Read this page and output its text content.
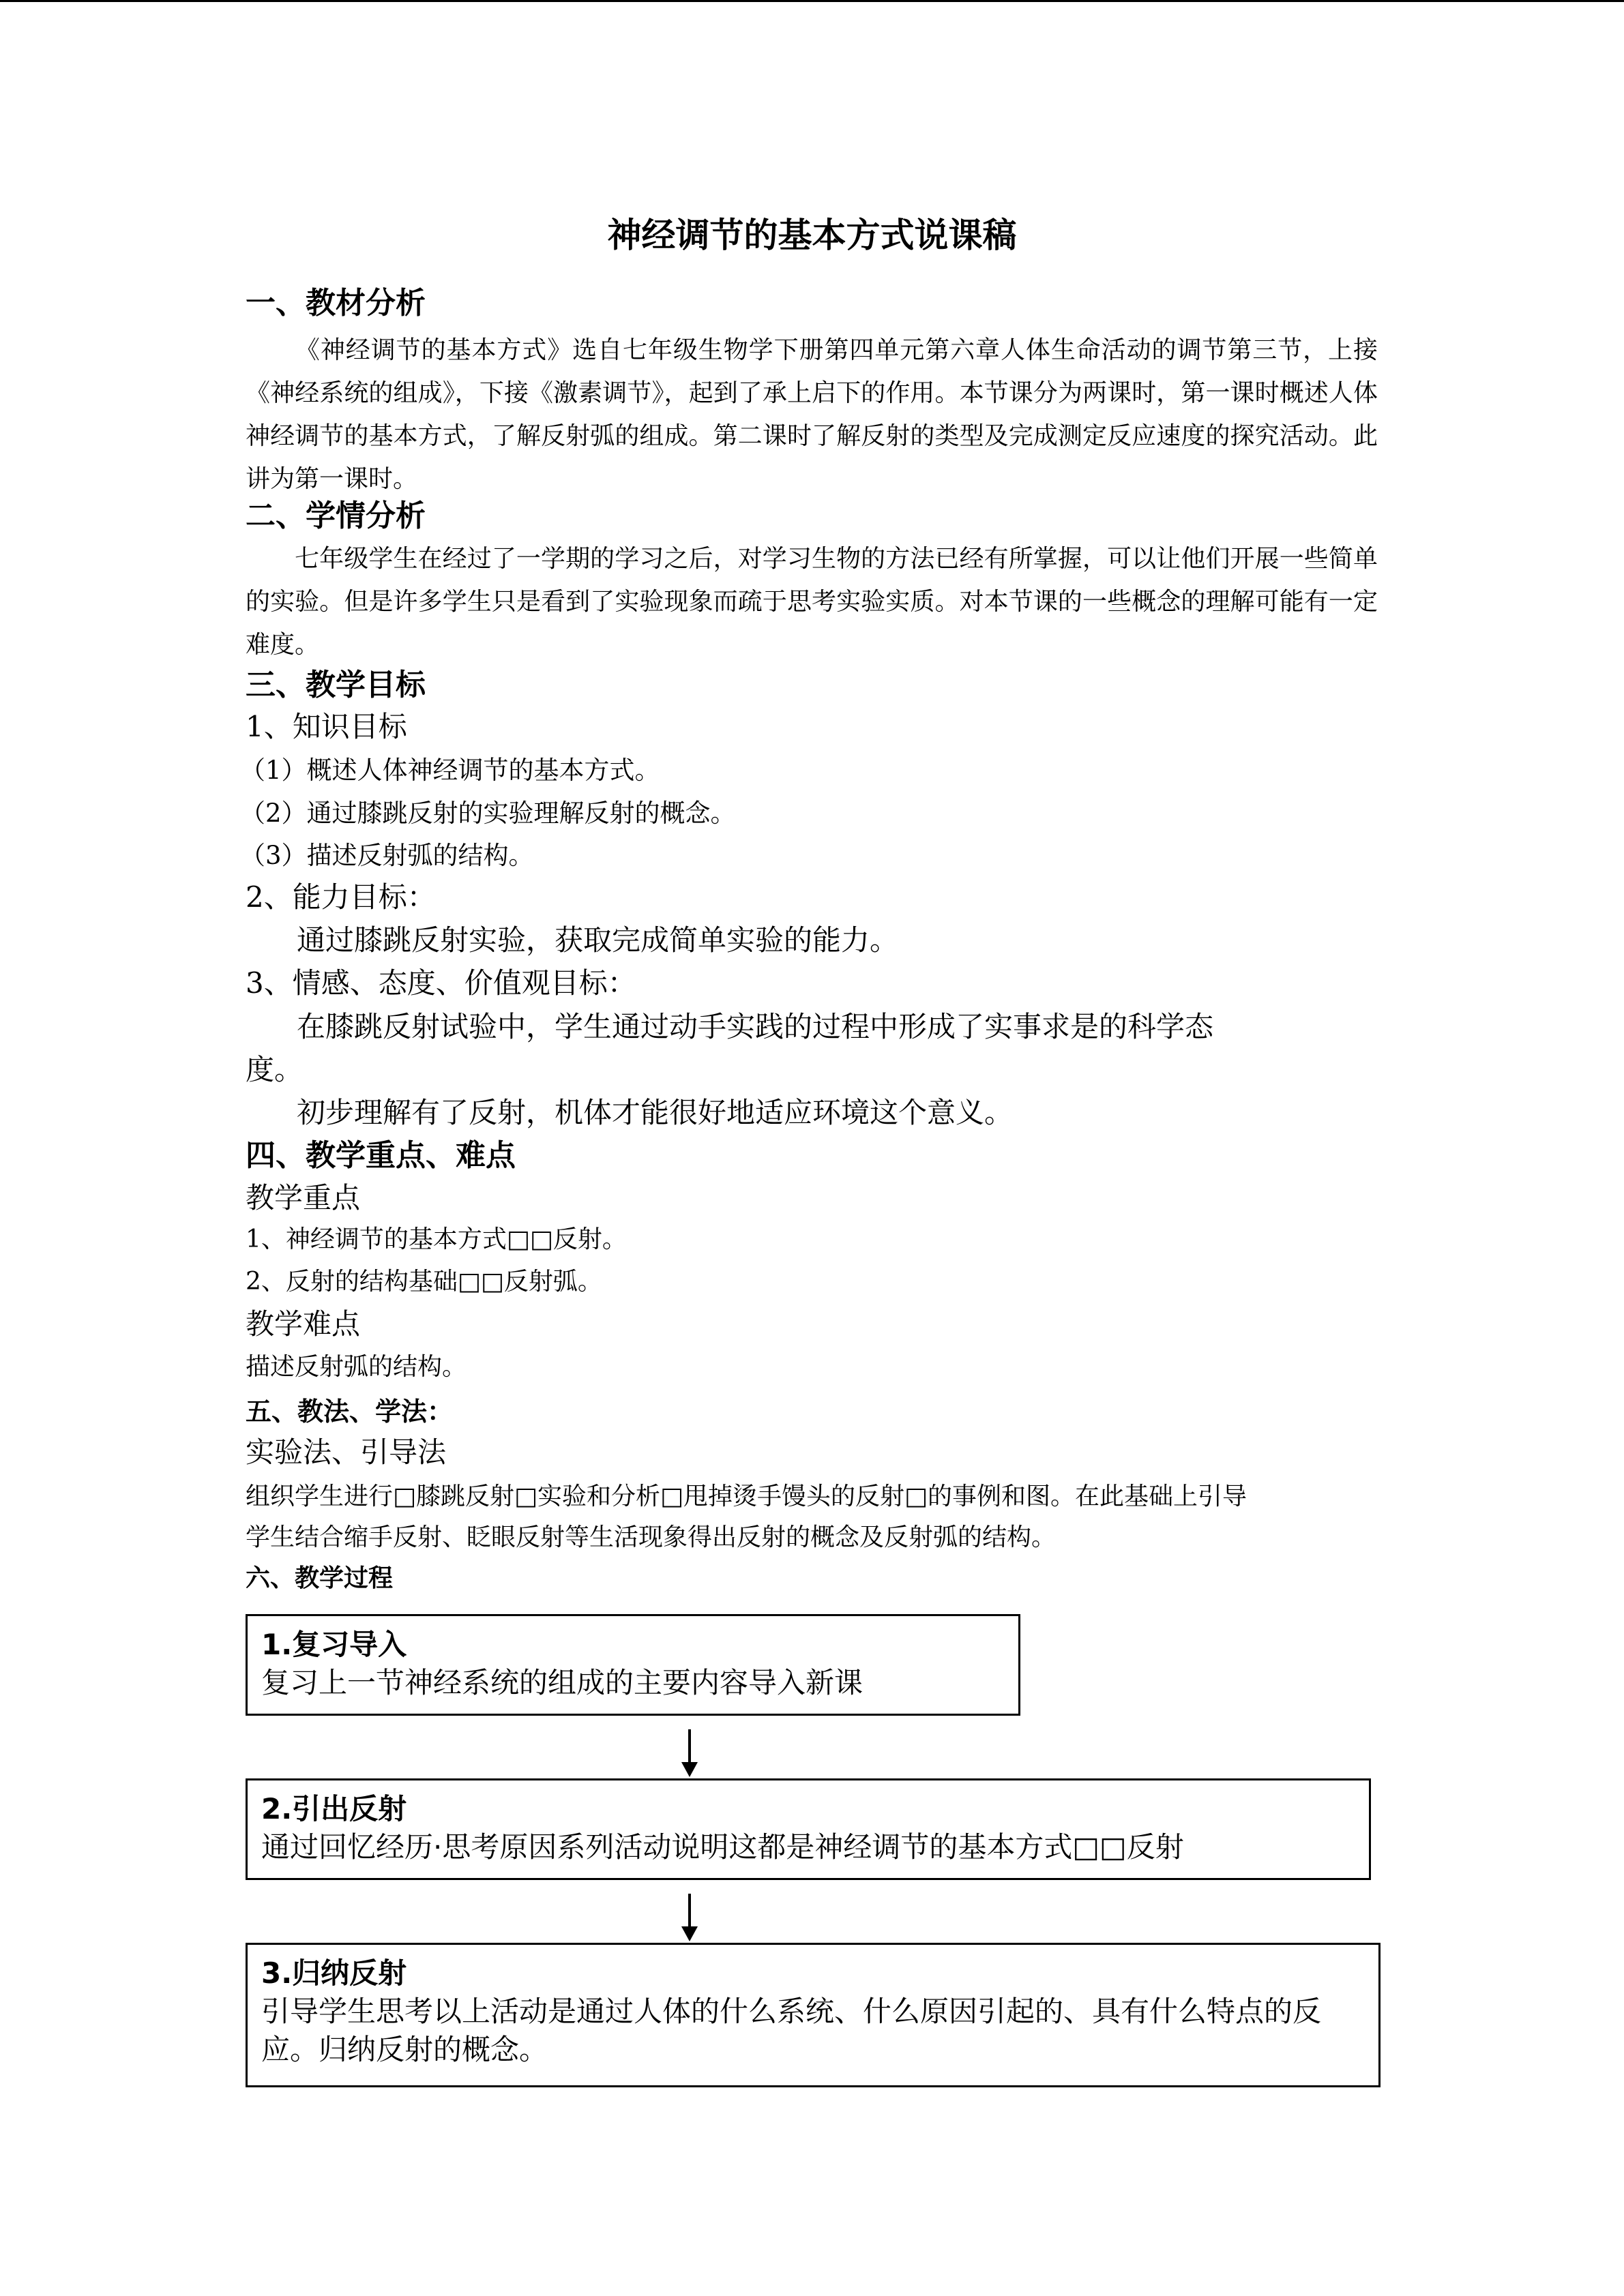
神经调节的基本方式说课稿
一、教材分析
《神经调节的基本方式》选自七年级生物学下册第四单元第六章人体生命活动的调节第三节，上接《神经系统的组成》，下接《激素调节》，起到了承上启下的作用。本节课分为两课时，第一课时概述人体神经调节的基本方式，了解反射弧的组成。第二课时了解反射的类型及完成测定反应速度的探究活动。此讲为第一课时。
二、学情分析
七年级学生在经过了一学期的学习之后，对学习生物的方法已经有所掌握，可以让他们开展一些简单的实验。但是许多学生只是看到了实验现象而疏于思考实验实质。对本节课的一些概念的理解可能有一定难度。
三、教学目标
1、知识目标
（1）概述人体神经调节的基本方式。
（2）通过膝跳反射的实验理解反射的概念。
（3）描述反射弧的结构。
2、能力目标：
通过膝跳反射实验，获取完成简单实验的能力。
3、情感、态度、价值观目标：
在膝跳反射试验中，学生通过动手实践的过程中形成了实事求是的科学态
度。
初步理解有了反射，机体才能很好地适应环境这个意义。
四、教学重点、难点
教学重点
1、神经调节的基本方式□□反射。
2、反射的结构基础□□反射弧。
教学难点
描述反射弧的结构。
五、教法、学法：
实验法、引导法
组织学生进行□膝跳反射□实验和分析□甩掉烫手馒头的反射□的事例和图。在此基础上引导
学生结合缩手反射、眨眼反射等生活现象得出反射的概念及反射弧的结构。
六、教学过程
1.复习导入
复习上一节神经系统的组成的主要内容导入新课
2.引出反射
通过回忆经历·思考原因系列活动说明这都是神经调节的基本方式□□反射
3.归纳反射
引导学生思考以上活动是通过人体的什么系统、什么原因引起的、具有什么特点的反应。归纳反射的概念。
